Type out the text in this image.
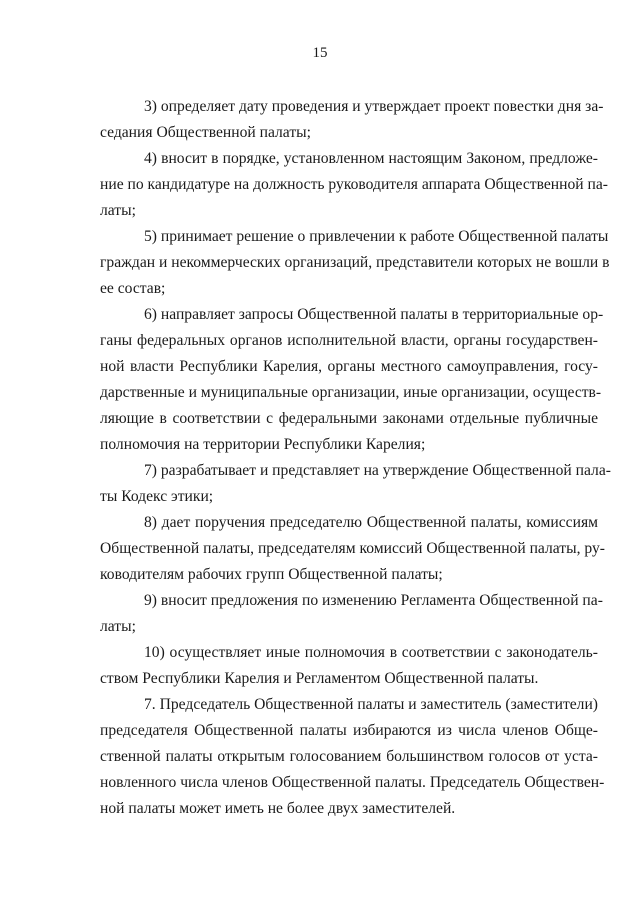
15

3) определяет дату проведения и утверждает проект повестки дня за-
седания Общественной палаты;

4) вносит в порядке, установленном настоящим Законом, предложе-
ние по кандидатуре на должность руководителя аппарата Общественной па-
латы;

5) принимает решение о привлечении к работе Общественной палаты
граждан и некоммерческих организаций, представители которых не вошли в
ее состав;

6) направляет запросы Общественной палаты в территориальные ор-
ганы федеральных органов исполнительной власти, органы государствен-
ной власти Республики Карелия, органы местного самоуправления, госу-
дарственные и муниципальные организации, иные организации, осуществ-
ляющие в соответствии с федеральными законами отдельные публичные
полномочия на территории Республики Карелия;

7) разрабатывает и представляет на утверждение Общественной пала-
ты Кодекс этики;

8) дает поручения председателю Общественной палаты, комиссиям
Общественной палаты, председателям комиссий Общественной палаты, ру-
ководителям рабочих групп Общественной палаты;

9) вносит предложения по изменению Регламента Общественной па-
латы;

10) осуществляет иные полномочия в соответствии с законодатель-
ством Республики Карелия и Регламентом Общественной палаты.

7. Председатель Общественной палаты и заместитель (заместители)
председателя Общественной палаты избираются из числа членов Обще-
ственной палаты открытым голосованием большинством голосов от уста-
новленного числа членов Общественной палаты. Председатель Обществен-
ной палаты может иметь не более двух заместителей.
